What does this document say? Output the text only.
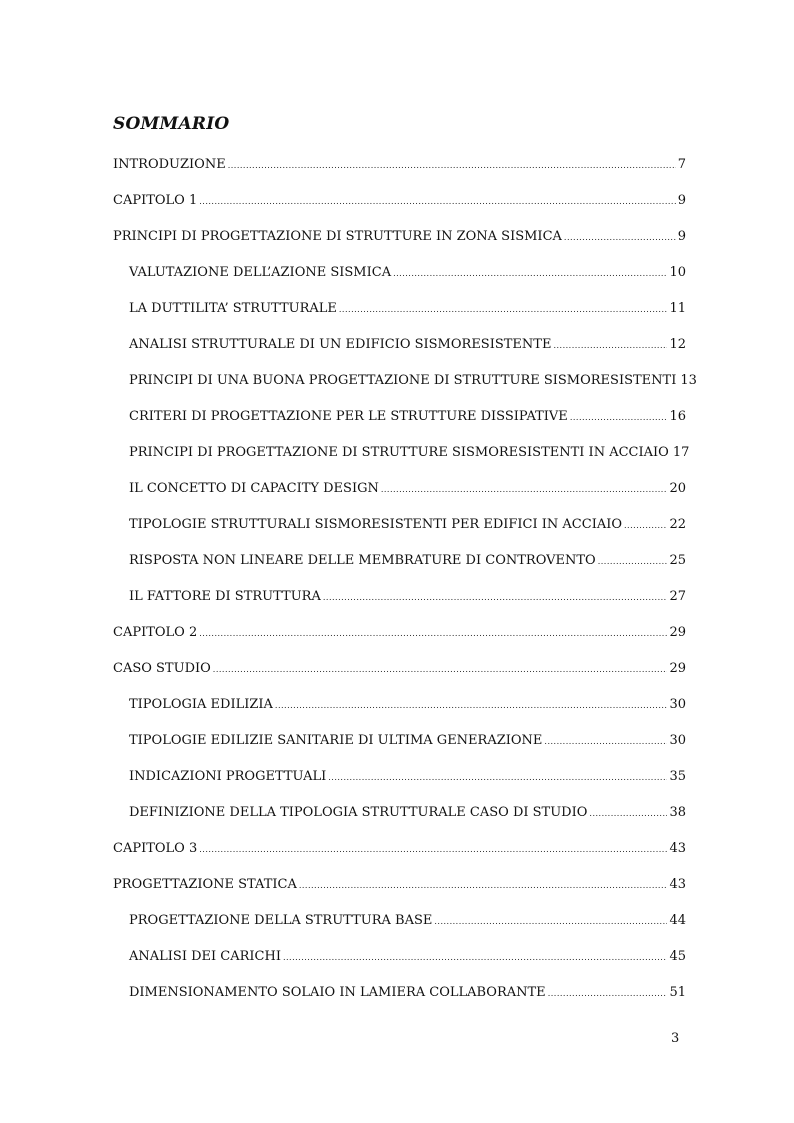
SOMMARIO
INTRODUZIONE .....	7
CAPITOLO 1 .....	9
PRINCIPI DI PROGETTAZIONE DI STRUTTURE IN ZONA SISMICA .....	9
VALUTAZIONE DELL’AZIONE SISMICA .....	10
LA DUTTILITA’ STRUTTURALE .....	11
ANALISI STRUTTURALE DI UN EDIFICIO SISMORESISTENTE .....	12
PRINCIPI DI UNA BUONA PROGETTAZIONE DI STRUTTURE SISMORESISTENTI 13
CRITERI DI PROGETTAZIONE PER LE STRUTTURE DISSIPATIVE .....	16
PRINCIPI DI PROGETTAZIONE DI STRUTTURE SISMORESISTENTI IN ACCIAIO 17
IL CONCETTO DI CAPACITY DESIGN .....	20
TIPOLOGIE STRUTTURALI SISMORESISTENTI PER EDIFICI IN ACCIAIO .....	22
RISPOSTA NON LINEARE DELLE MEMBRATURE DI CONTROVENTO .....	25
IL FATTORE DI STRUTTURA .....	27
CAPITOLO 2 .....	29
CASO STUDIO .....	29
TIPOLOGIA EDILIZIA .....	30
TIPOLOGIE EDILIZIE SANITARIE DI ULTIMA GENERAZIONE .....	30
INDICAZIONI PROGETTUALI .....	35
DEFINIZIONE DELLA TIPOLOGIA STRUTTURALE CASO DI STUDIO .....	38
CAPITOLO 3 .....	43
PROGETTAZIONE STATICA .....	43
PROGETTAZIONE DELLA STRUTTURA BASE .....	44
ANALISI DEI CARICHI .....	45
DIMENSIONAMENTO SOLAIO IN LAMIERA COLLABORANTE .....	51
3
